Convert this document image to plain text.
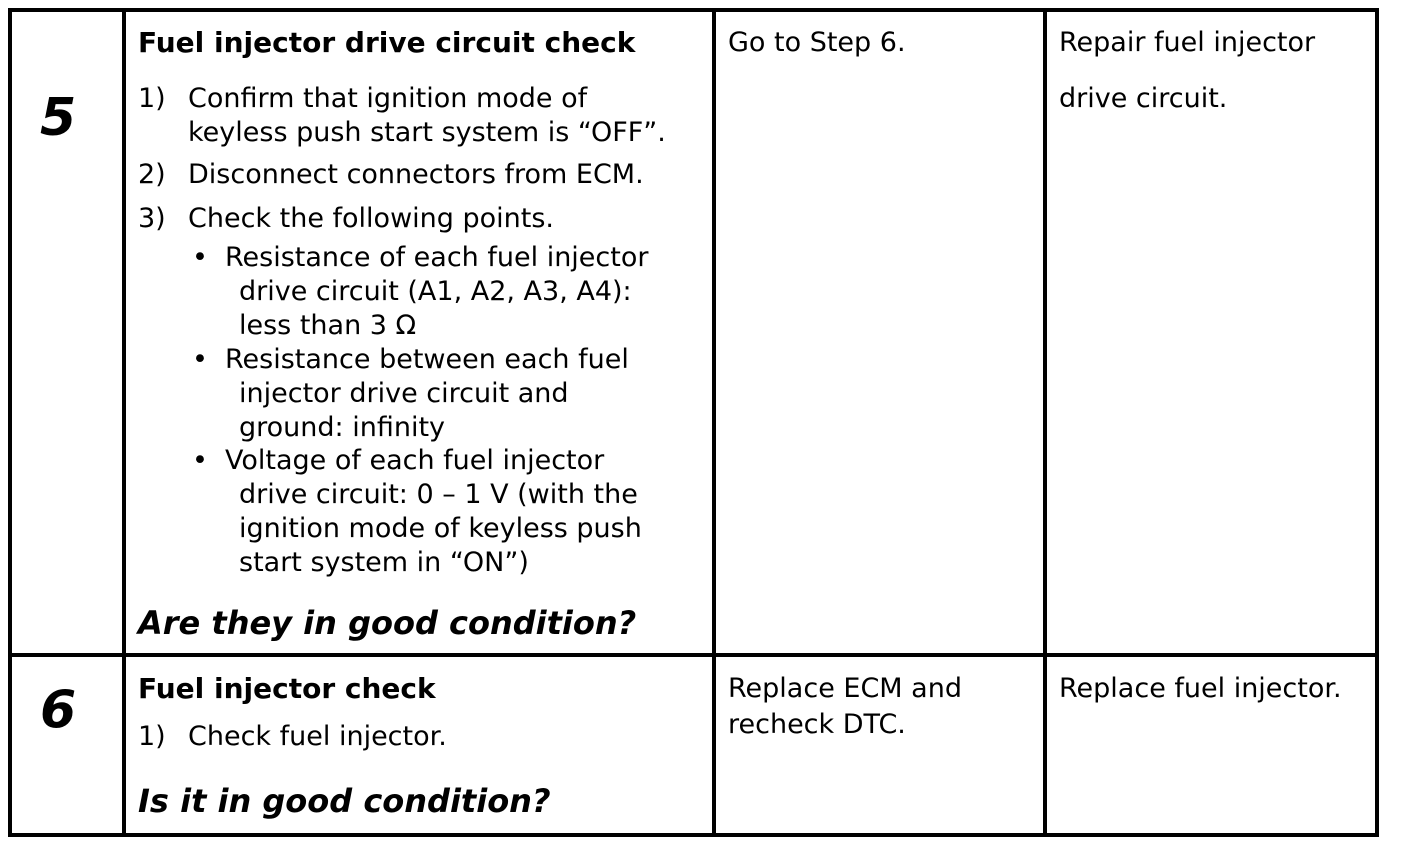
5
Fuel injector drive circuit check
1) Confirm that ignition mode of
keyless push start system is “OFF”.
2) Disconnect connectors from ECM.
3) Check the following points.
• Resistance of each fuel injector
drive circuit (A1, A2, A3, A4):
less than 3 Ω
• Resistance between each fuel
injector drive circuit and
ground: infinity
• Voltage of each fuel injector
drive circuit: 0 – 1 V (with the
ignition mode of keyless push
start system in “ON”)
Are they in good condition?
Go to Step 6.	Repair fuel injector
drive circuit.
6 Fuel injector check
1) Check fuel injector.
Is it in good condition?
Replace ECM and
recheck DTC.
Replace fuel injector.
